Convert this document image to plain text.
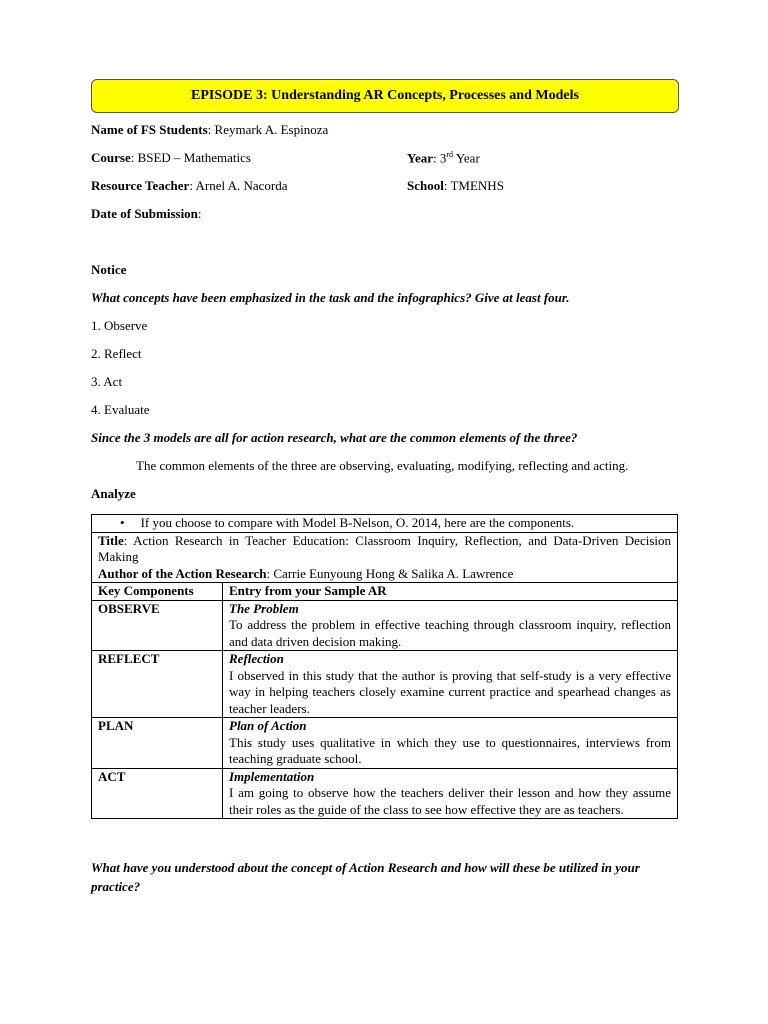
EPISODE 3: Understanding AR Concepts, Processes and Models
Name of FS Students: Reymark A. Espinoza
Course: BSED – Mathematics	Year: 3rd Year
Resource Teacher: Arnel A. Nacorda	School: TMENHS
Date of Submission:
Notice
What concepts have been emphasized in the task and the infographics? Give at least four.
1. Observe
2. Reflect
3. Act
4. Evaluate
Since the 3 models are all for action research, what are the common elements of the three?
The common elements of the three are observing, evaluating, modifying, reflecting and acting.
Analyze
• If you choose to compare with Model B-Nelson, O. 2014, here are the components.	
Title: Action Research in Teacher Education: Classroom Inquiry, Reflection, and Data-Driven Decision Making
Author of the Action Research: Carrie Eunyoung Hong & Salika A. Lawrence	
Key Components	Entry from your Sample AR
OBSERVE	The Problem
To address the problem in effective teaching through classroom inquiry, reflection and data driven decision making.

REFLECT	Reflection
I observed in this study that the author is proving that self-study is a very effective way in helping teachers closely examine current practice and spearhead changes as teacher leaders.

PLAN	Plan of Action
This study uses qualitative in which they use to questionnaires, interviews from teaching graduate school.

ACT	Implementation
I am going to observe how the teachers deliver their lesson and how they assume their roles as the guide of the class to see how effective they are as teachers.
What have you understood about the concept of Action Research and how will these be utilized in your practice?
